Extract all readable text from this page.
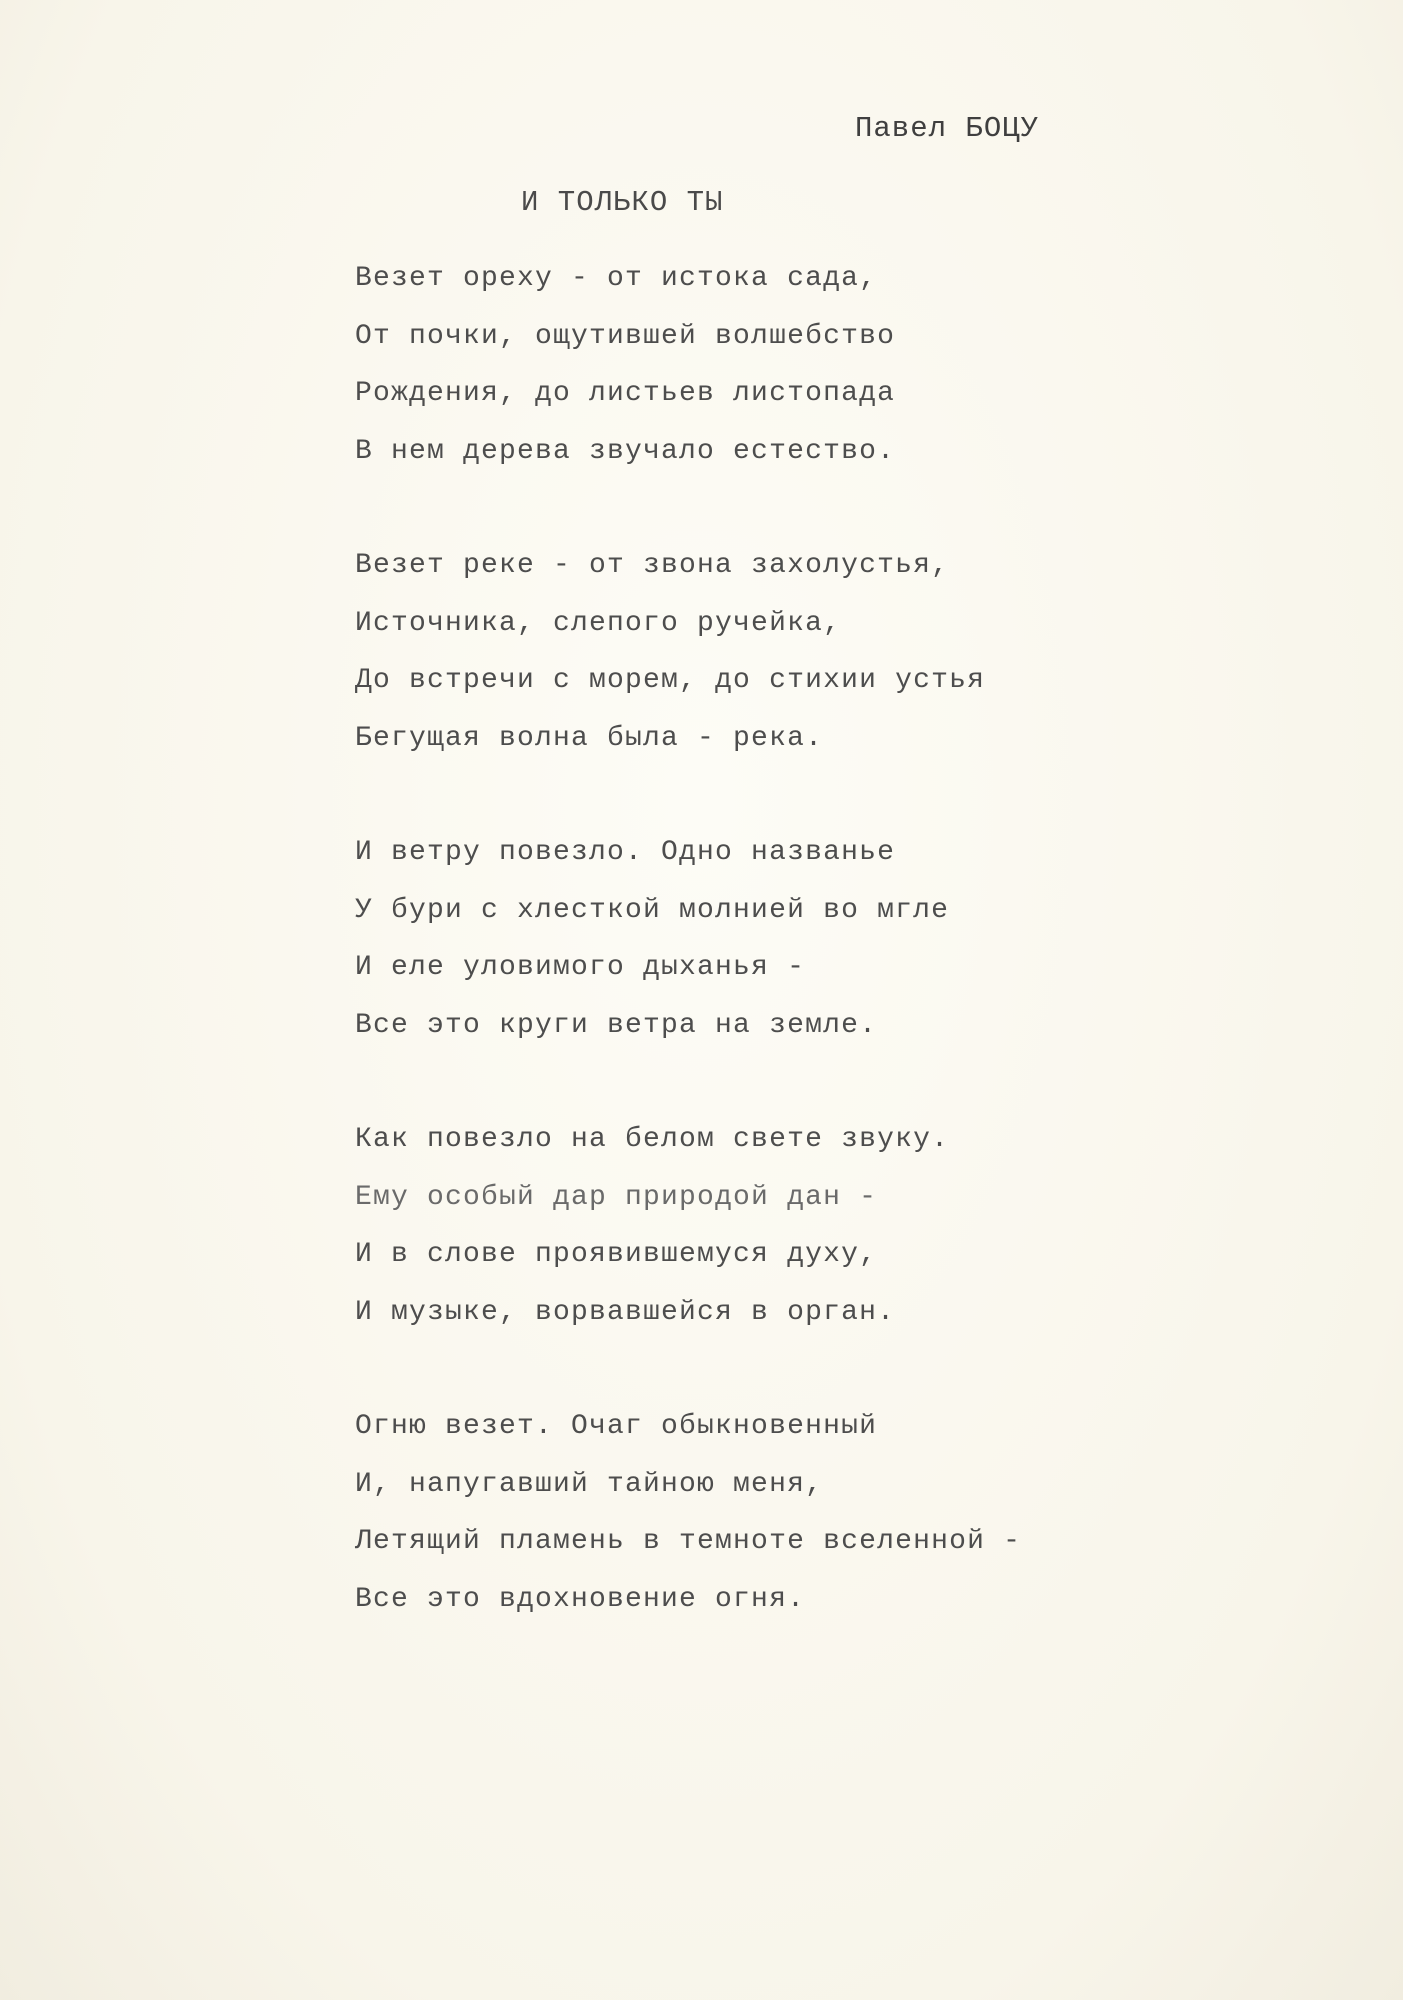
Павел БОЦУ
И ТОЛЬКО ТЫ
Везет ореху - от истока сада,
От почки, ощутившей волшебство
Рождения, до листьев листопада
В нем дерева звучало естество.
Везет реке - от звона захолустья,
Источника, слепого ручейка,
До встречи с морем, до стихии устья
Бегущая волна была - река.
И ветру повезло. Одно названье
У бури с хлесткой молнией во мгле
И еле уловимого дыханья -
Все это круги ветра на земле.
Как повезло на белом свете звуку.
Ему особый дар природой дан -
И в слове проявившемуся духу,
И музыке, ворвавшейся в орган.
Огню везет. Очаг обыкновенный
И, напугавший тайною меня,
Летящий пламень в темноте вселенной -
Все это вдохновение огня.
